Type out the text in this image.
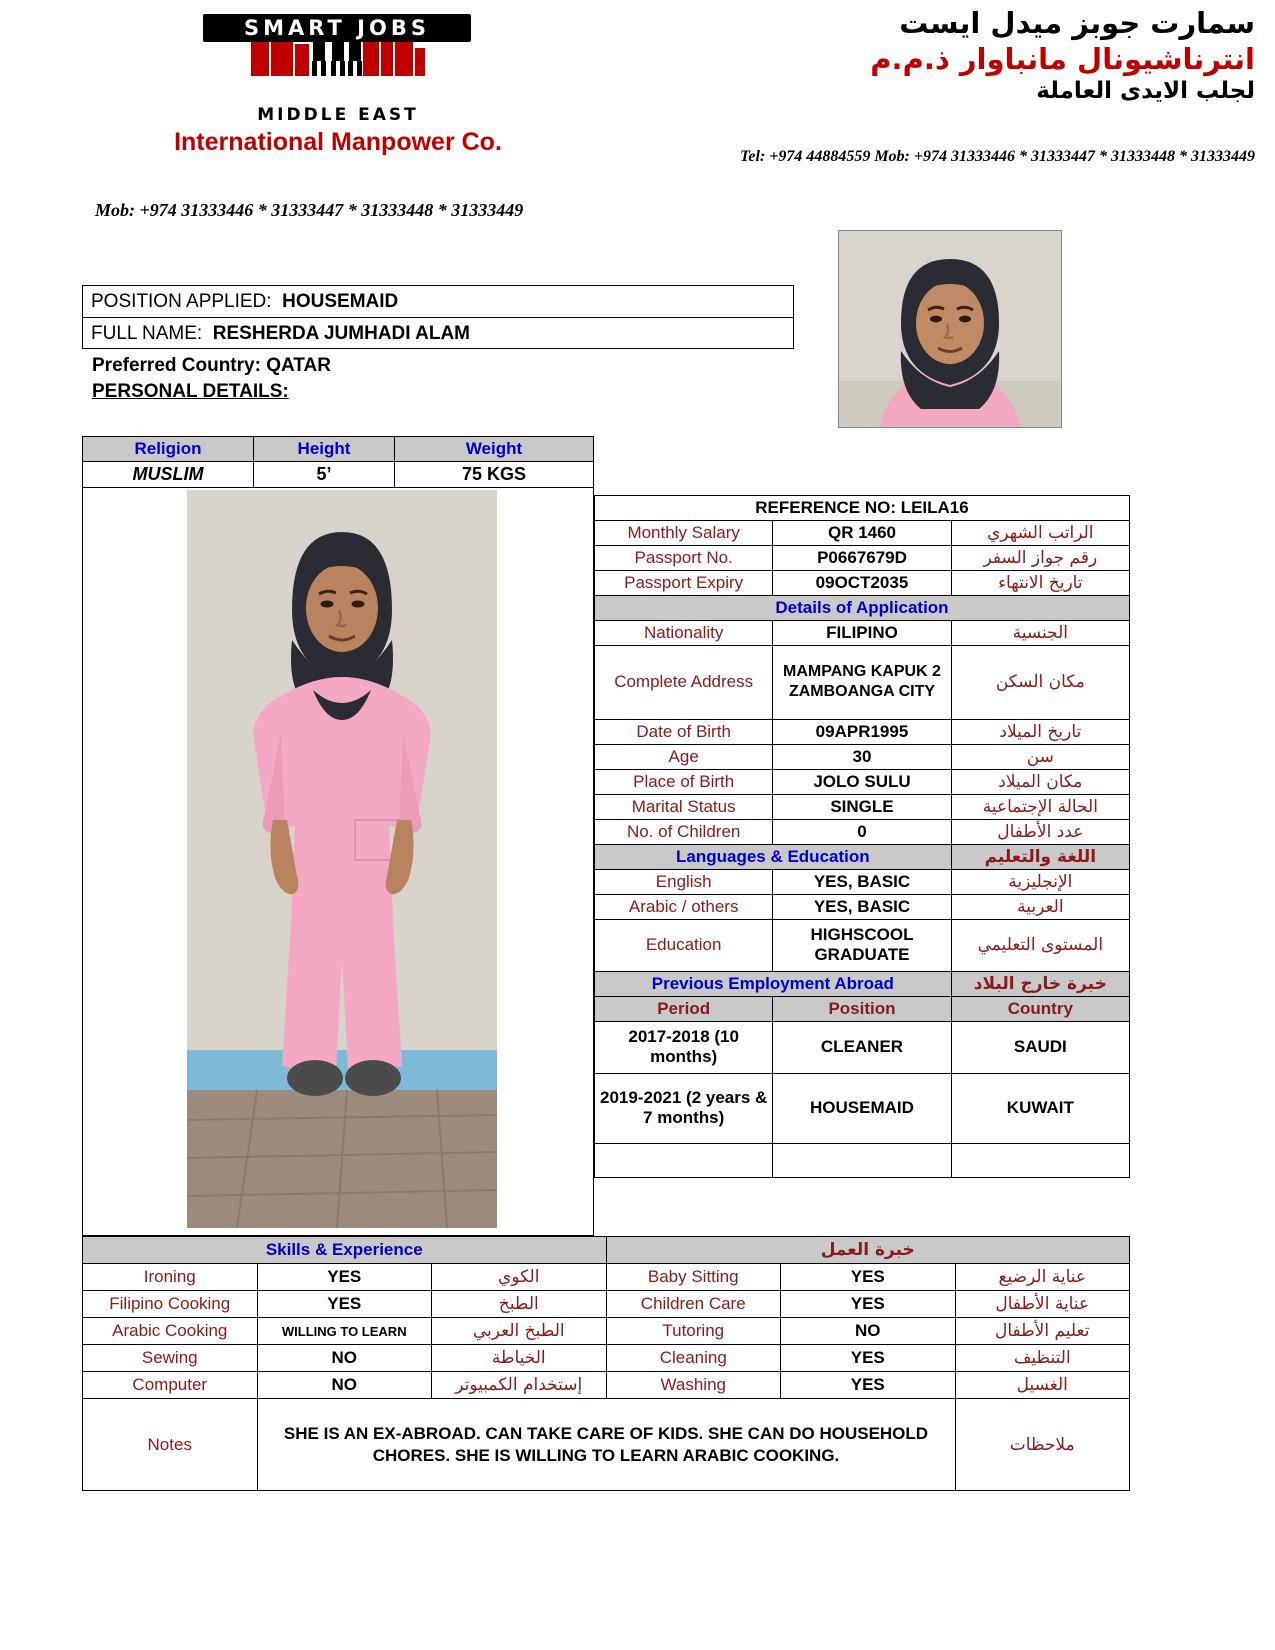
SMART JOBS
MIDDLE EAST
International Manpower Co.
سمارت جوبز ميدل ايست
انترناشيونال مانباوار ذ.م.م
لجلب الايدى العاملة
Tel: +974 44884559 Mob: +974 31333446 * 31333447 * 31333448 * 31333449
Mob: +974 31333446 * 31333447 * 31333448 * 31333449
POSITION APPLIED: HOUSEMAID
FULL NAME: RESHERDA JUMHADI ALAM
Preferred Country: QATAR
PERSONAL DETAILS:
Religion	Height	Weight
MUSLIM	5’	75 KGS

REFERENCE NO: LEILA16
Monthly Salary	QR 1460	الراتب الشهري
Passport No.	P0667679D	رقم جواز السفر
Passport Expiry	09OCT2035	تاريخ الانتهاء
Details of Application
Nationality	FILIPINO	الجنسية
Complete Address	MAMPANG KAPUK 2 ZAMBOANGA CITY	مكان السكن
Date of Birth	09APR1995	تاريخ الميلاد
Age	30	سن
Place of Birth	JOLO SULU	مكان الميلاد
Marital Status	SINGLE	الحالة الإجتماعية
No. of Children	0	عدد الأطفال
Languages & Education	اللغة والتعليم
English	YES, BASIC	الإنجليزية
Arabic / others	YES, BASIC	العربية
Education	HIGHSCOOL GRADUATE	المستوى التعليمي
Previous Employment Abroad	خبرة خارج البلاد
Period	Position	Country
2017-2018 (10 months)	CLEANER	SAUDI
2019-2021 (2 years & 7 months)	HOUSEMAID	KUWAIT

Skills & Experience			خبرة العمل		
Ironing	YES	الكوي	Baby Sitting	YES	عناية الرضيع
Filipino Cooking	YES	الطبخ	Children Care	YES	عناية الأطفال
Arabic Cooking	WILLING TO LEARN	الطبخ العربي	Tutoring	NO	تعليم الأطفال
Sewing	NO	الخياطة	Cleaning	YES	التنظيف
Computer	NO	إستخدام الكمبيوتر	Washing	YES	الغسيل
Notes	SHE IS AN EX-ABROAD. CAN TAKE CARE OF KIDS. SHE CAN DO HOUSEHOLD CHORES. SHE IS WILLING TO LEARN ARABIC COOKING.				ملاحظات
